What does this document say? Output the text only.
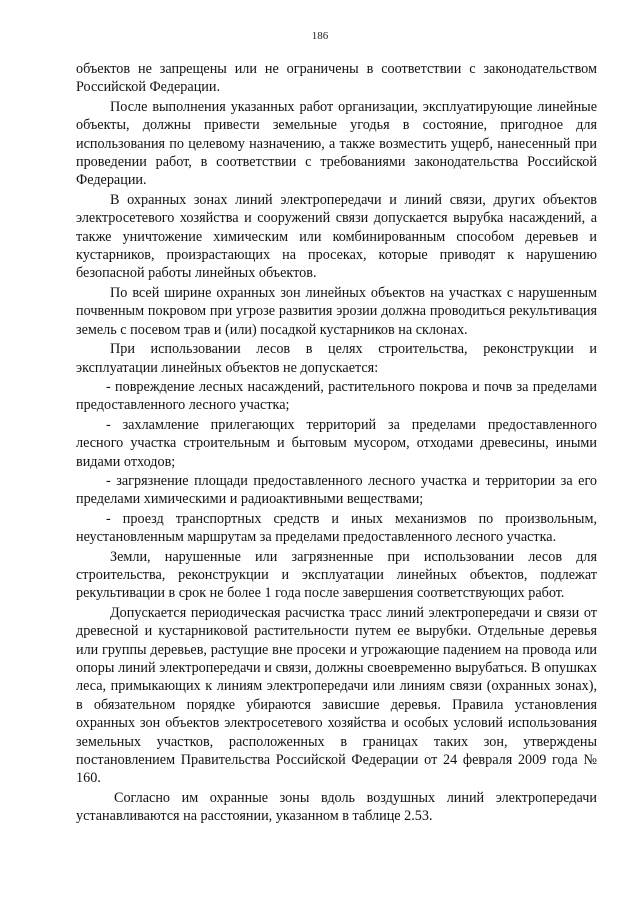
186

объектов не запрещены или не ограничены в соответствии с законодательством Российской Федерации.

После выполнения указанных работ организации, эксплуатирующие линейные объекты, должны привести земельные угодья в состояние, пригодное для использования по целевому назначению, а также возместить ущерб, нанесенный при проведении работ, в соответствии с требованиями законодательства Российской Федерации.

В охранных зонах линий электропередачи и линий связи, других объектов электросетевого хозяйства и сооружений связи допускается вырубка насаждений, а также уничтожение химическим или комбинированным способом деревьев и кустарников, произрастающих на просеках, которые приводят к нарушению безопасной работы линейных объектов.

По всей ширине охранных зон линейных объектов на участках с нарушенным почвенным покровом при угрозе развития эрозии должна проводиться рекультивация земель с посевом трав и (или) посадкой кустарников на склонах.

При использовании лесов в целях строительства, реконструкции и эксплуатации линейных объектов не допускается:

- повреждение лесных насаждений, растительного покрова и почв за пределами предоставленного лесного участка;

- захламление прилегающих территорий за пределами предоставленного лесного участка строительным и бытовым мусором, отходами древесины, иными видами отходов;

- загрязнение площади предоставленного лесного участка и территории за его пределами химическими и радиоактивными веществами;

- проезд транспортных средств и иных механизмов по произвольным, неустановленным маршрутам за пределами предоставленного лесного участка.

Земли, нарушенные или загрязненные при использовании лесов для строительства, реконструкции и эксплуатации линейных объектов, подлежат рекультивации в срок не более 1 года после завершения соответствующих работ.

Допускается периодическая расчистка трасс линий электропередачи и связи от древесной и кустарниковой растительности путем ее вырубки. Отдельные деревья или группы деревьев, растущие вне просеки и угрожающие падением на провода или опоры линий электропередачи и связи, должны своевременно вырубаться. В опушках леса, примыкающих к линиям электропередачи или линиям связи (охранных зонах), в обязательном порядке убираются зависшие деревья. Правила установления охранных зон объектов электросетевого хозяйства и особых условий использования земельных участков, расположенных в границах таких зон, утверждены постановлением Правительства Российской Федерации от 24 февраля 2009 года № 160.

Согласно им охранные зоны вдоль воздушных линий электропередачи устанавливаются на расстоянии, указанном в таблице 2.53.
